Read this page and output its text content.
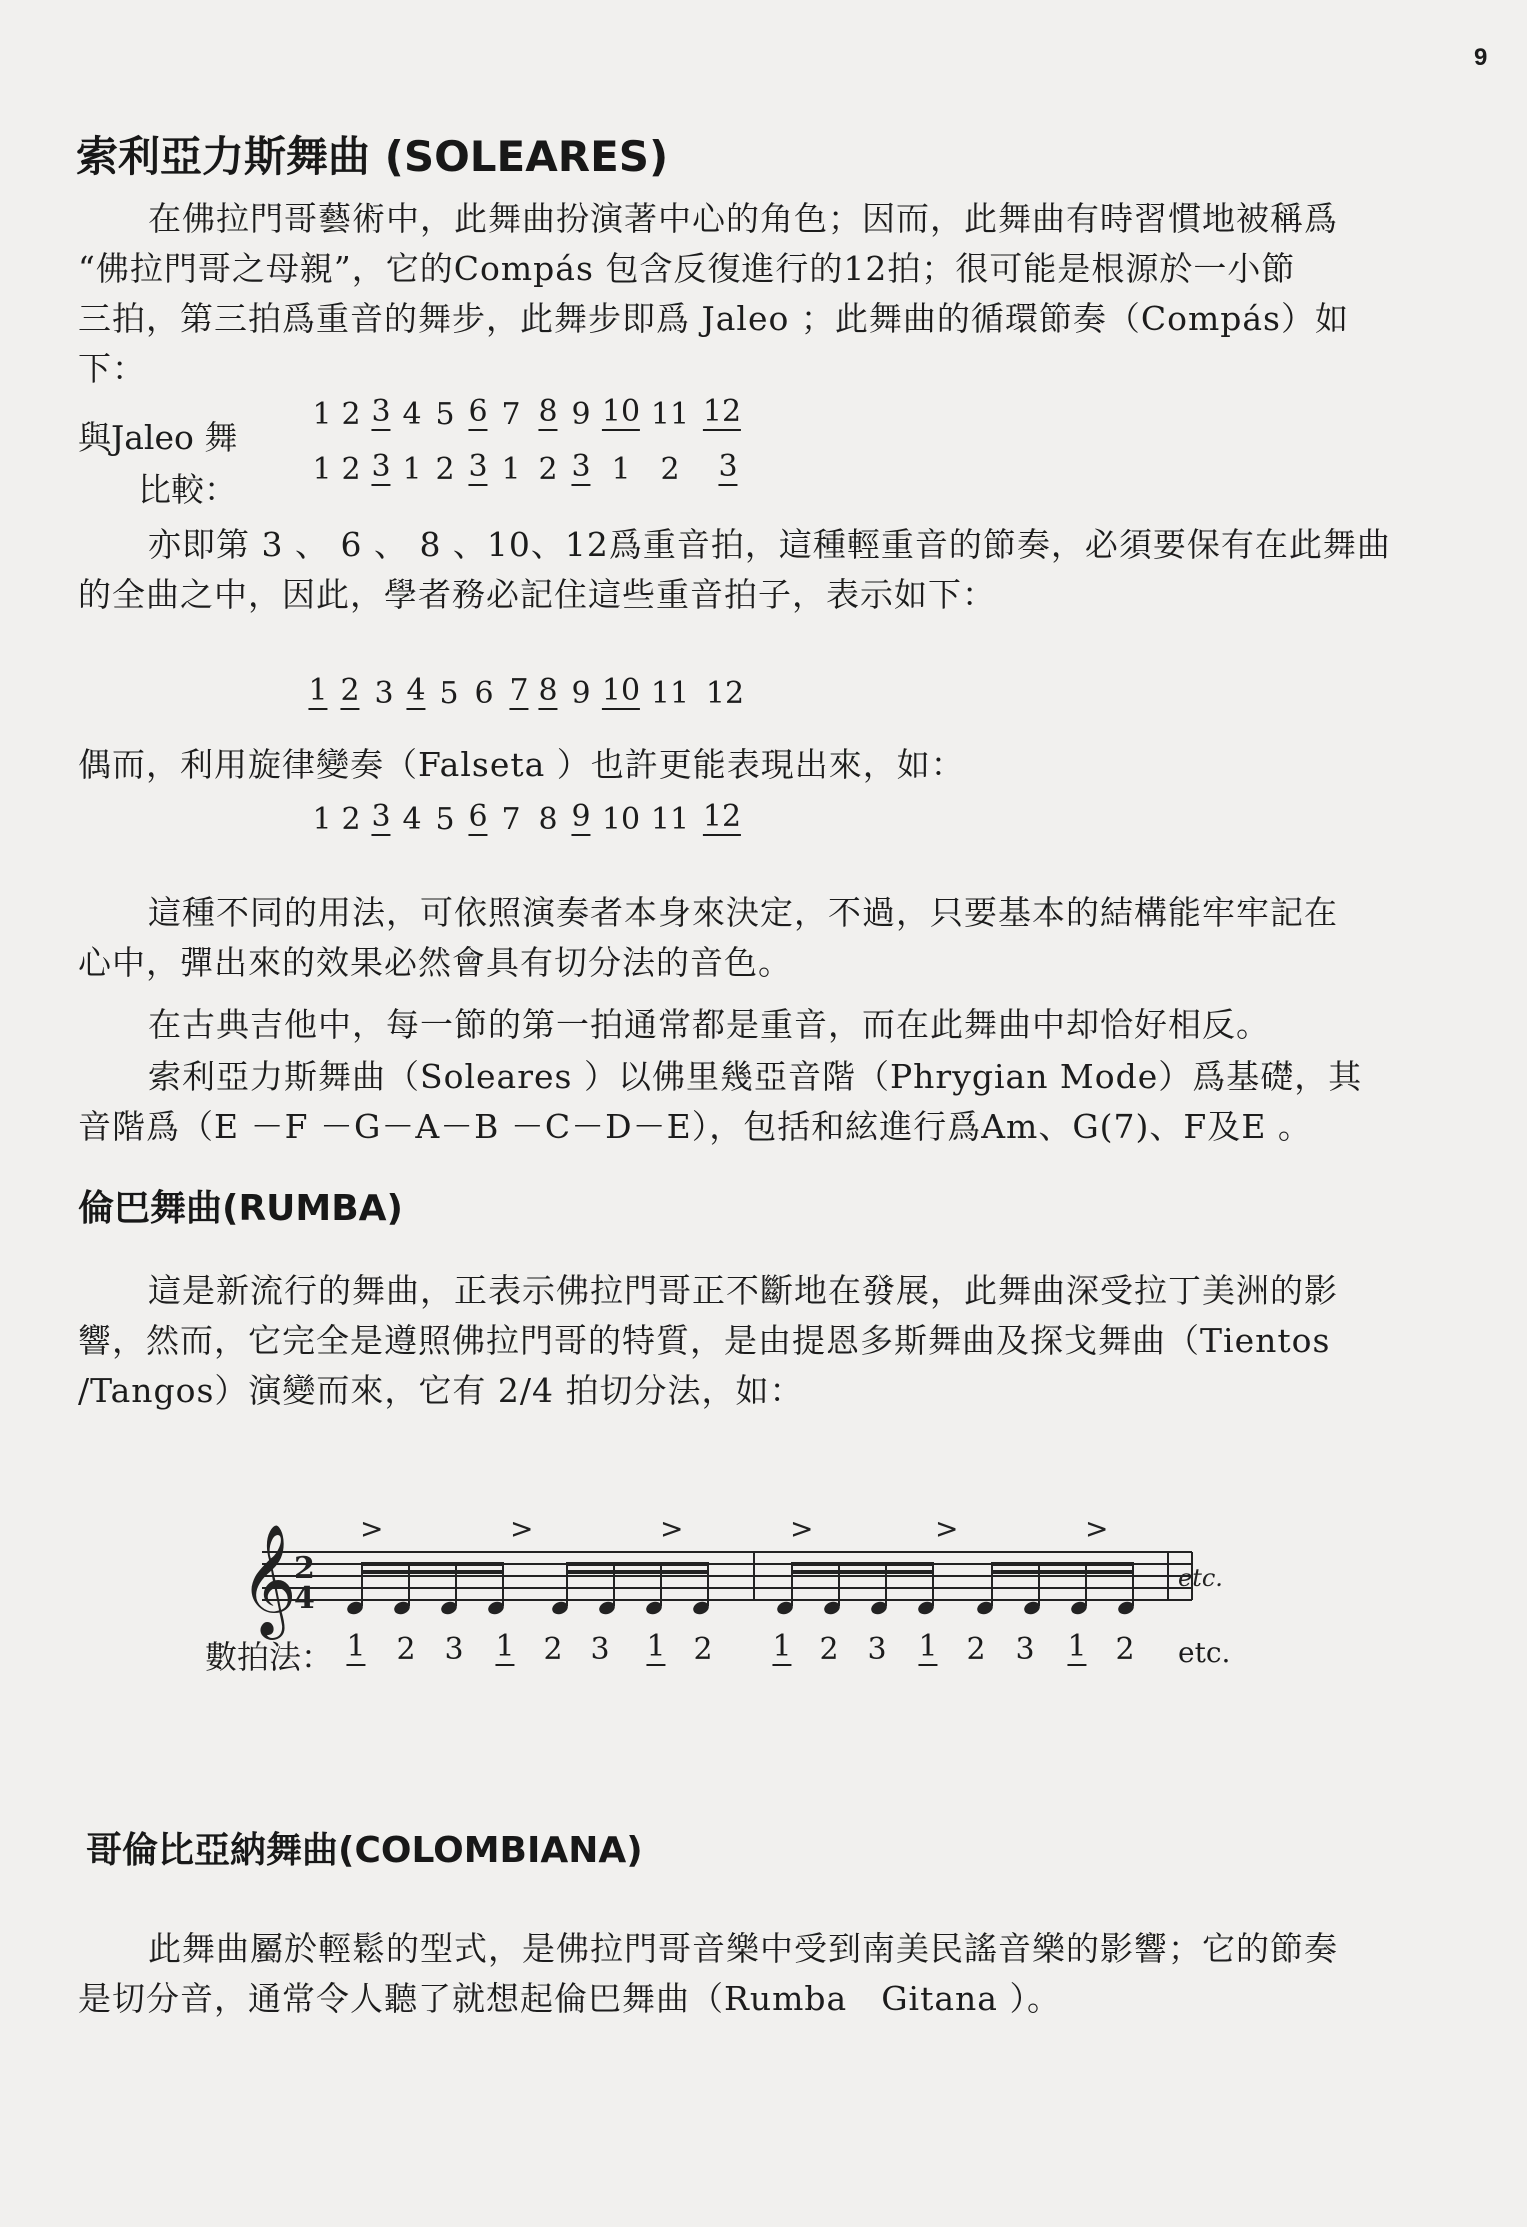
9
索利亞力斯舞曲 (SOLEARES)
在佛拉門哥藝術中，此舞曲扮演著中心的角色；因而，此舞曲有時習慣地被稱爲
“佛拉門哥之母親”，它的Compás 包含反復進行的12拍；很可能是根源於一小節
三拍，第三拍爲重音的舞步，此舞步即爲 Jaleo ；此舞曲的循環節奏（Compás）如
下：
與Jaleo 舞
比較：
1 2 3 4 5 6 7 8 9 10 11 12
1 2 3 1 2 3 1 2 3 1 2 3
亦即第 3 、 6 、 8 、10、12爲重音拍，這種輕重音的節奏，必須要保有在此舞曲
的全曲之中，因此，學者務必記住這些重音拍子，表示如下：
1 2 3 4 5 6 7 8 9 10 11 12
偶而，利用旋律變奏（Falseta ）也許更能表現出來，如：
1 2 3 4 5 6 7 8 9 10 11 12
這種不同的用法，可依照演奏者本身來決定，不過，只要基本的結構能牢牢記在
心中，彈出來的效果必然會具有切分法的音色。
在古典吉他中，每一節的第一拍通常都是重音，而在此舞曲中却恰好相反。
索利亞力斯舞曲（Soleares ）以佛里幾亞音階（Phrygian Mode）爲基礎，其
音階爲（E －F －G－A－B －C－D－E），包括和絃進行爲Am、G(7)、F及E 。
倫巴舞曲(RUMBA)
這是新流行的舞曲，正表示佛拉門哥正不斷地在發展，此舞曲深受拉丁美洲的影
響，然而，它完全是遵照佛拉門哥的特質，是由提恩多斯舞曲及探戈舞曲（Tientos
/Tangos）演變而來，它有 2/4 拍切分法，如：
𝄞
2
4
>	>	>	>	>	>
etc.
數拍法： 1 2 3 1 2 3 1 2 1 2 3 1 2 3 1 2 etc.
哥倫比亞納舞曲(COLOMBIANA)
此舞曲屬於輕鬆的型式，是佛拉門哥音樂中受到南美民謠音樂的影響；它的節奏
是切分音，通常令人聽了就想起倫巴舞曲（Rumba　Gitana ）。
